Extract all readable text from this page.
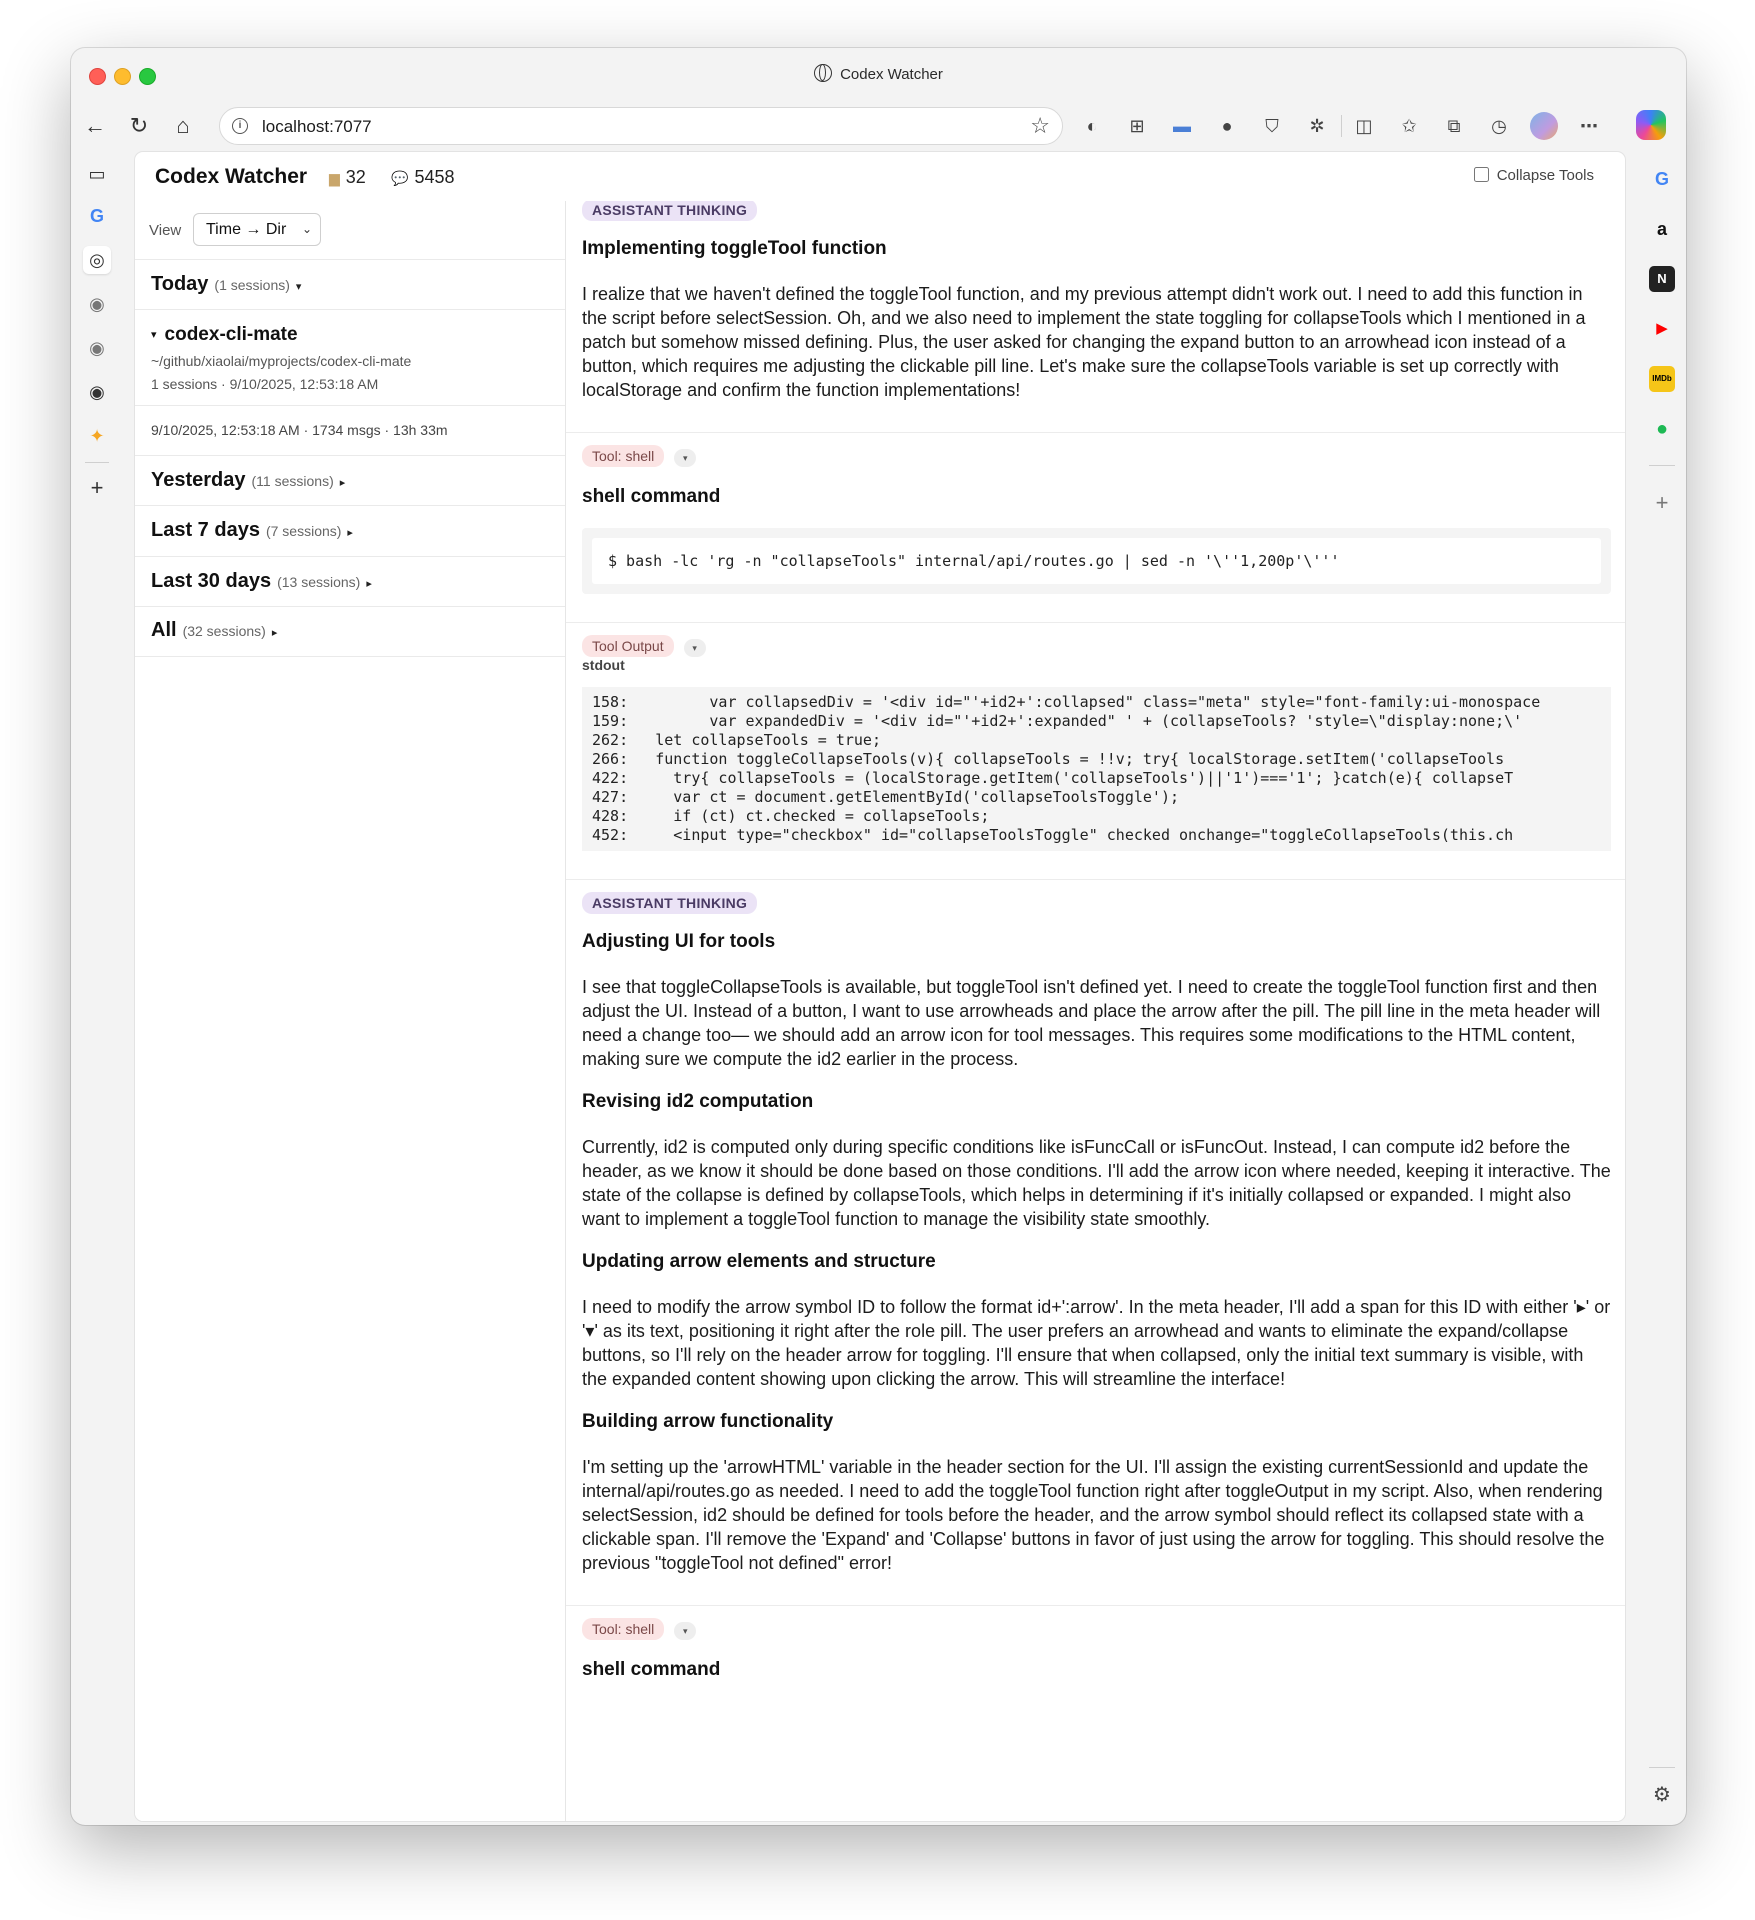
Codex Watcher
←	↻	⌂	i	localhost:7077	☆	◐	⊞	▬	●	⛉	✲	◫	✩	⧉	◷	⋯
▭
G
◎
◉
◉
◉
✦
+
G
a
N
▶
IMDb
●
+
⚙
Codex Watcher ▆ 32 💬 5458	Collapse Tools
View	Time → Dir ⌄
Today (1 sessions) ▾
▾ codex-cli-mate
~/github/xiaolai/myprojects/codex-cli-mate
1 sessions · 9/10/2025, 12:53:18 AM
9/10/2025, 12:53:18 AM · 1734 msgs · 13h 33m
Yesterday (11 sessions) ▸
Last 7 days (7 sessions) ▸
Last 30 days (13 sessions) ▸
All (32 sessions) ▸
ASSISTANT THINKING
Implementing toggleTool function

I realize that we haven't defined the toggleTool function, and my previous attempt didn't work out. I need to add this function in the script before selectSession. Oh, and we also need to implement the state toggling for collapseTools which I mentioned in a patch but somehow missed defining. Plus, the user asked for changing the expand button to an arrowhead icon instead of a button, which requires me adjusting the clickable pill line. Let's make sure the collapseTools variable is set up correctly with localStorage and confirm the function implementations!

Tool: shell	▾
shell command
$ bash -lc 'rg -n "collapseTools" internal/api/routes.go | sed -n '\''1,200p'\'''
Tool Output	▾
stdout
158:         var collapsedDiv = '<div id="'+id2+':collapsed" class="meta" style="font-family:ui-monospace
159:         var expandedDiv = '<div id="'+id2+':expanded" ' + (collapseTools? 'style=\"display:none;\'
262:   let collapseTools = true;
266:   function toggleCollapseTools(v){ collapseTools = !!v; try{ localStorage.setItem('collapseTools
422:     try{ collapseTools = (localStorage.getItem('collapseTools')||'1')==='1'; }catch(e){ collapseT
427:     var ct = document.getElementById('collapseToolsToggle');
428:     if (ct) ct.checked = collapseTools;
452:     <input type="checkbox" id="collapseToolsToggle" checked onchange="toggleCollapseTools(this.ch
ASSISTANT THINKING
Adjusting UI for tools

I see that toggleCollapseTools is available, but toggleTool isn't defined yet. I need to create the toggleTool function first and then adjust the UI. Instead of a button, I want to use arrowheads and place the arrow after the pill. The pill line in the meta header will need a change too— we should add an arrow icon for tool messages. This requires some modifications to the HTML content, making sure we compute the id2 earlier in the process.

Revising id2 computation

Currently, id2 is computed only during specific conditions like isFuncCall or isFuncOut. Instead, I can compute id2 before the header, as we know it should be done based on those conditions. I'll add the arrow icon where needed, keeping it interactive. The state of the collapse is defined by collapseTools, which helps in determining if it's initially collapsed or expanded. I might also want to implement a toggleTool function to manage the visibility state smoothly.

Updating arrow elements and structure

I need to modify the arrow symbol ID to follow the format id+':arrow'. In the meta header, I'll add a span for this ID with either '▸' or '▾' as its text, positioning it right after the role pill. The user prefers an arrowhead and wants to eliminate the expand/collapse buttons, so I'll rely on the header arrow for toggling. I'll ensure that when collapsed, only the initial text summary is visible, with the expanded content showing upon clicking the arrow. This will streamline the interface!

Building arrow functionality

I'm setting up the 'arrowHTML' variable in the header section for the UI. I'll assign the existing currentSessionId and update the internal/api/routes.go as needed. I need to add the toggleTool function right after toggleOutput in my script. Also, when rendering selectSession, id2 should be defined for tools before the header, and the arrow symbol should reflect its collapsed state with a clickable span. I'll remove the 'Expand' and 'Collapse' buttons in favor of just using the arrow for toggling. This should resolve the previous "toggleTool not defined" error!

Tool: shell	▾
shell command
